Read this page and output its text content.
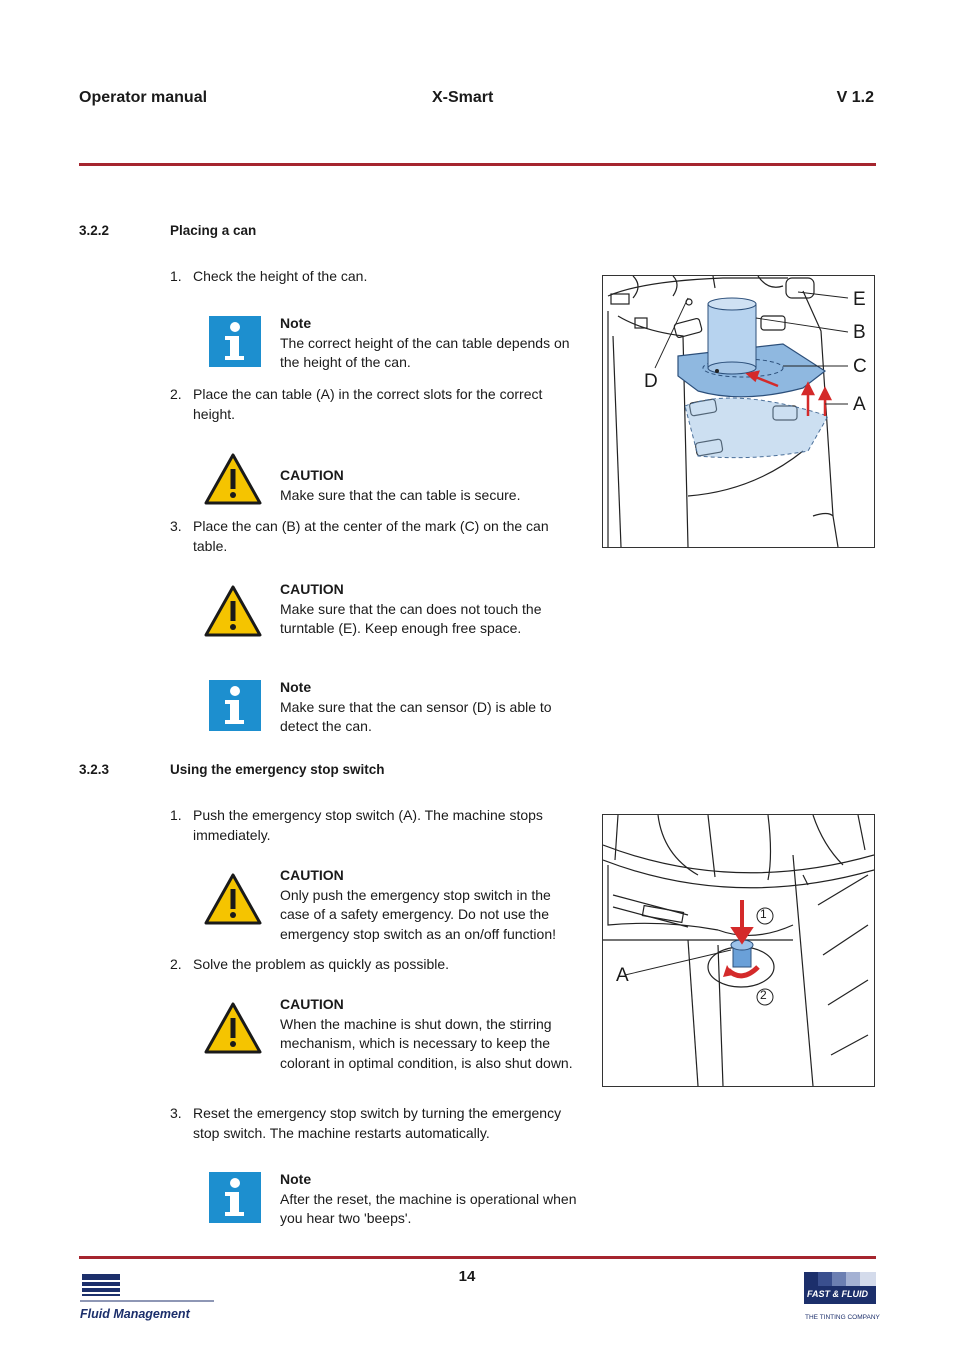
Operator manual	X-Smart	V 1.2
3.2.2	Placing a can
1. Check the height of the can.
Note
The correct height of the can table depends on the height of the can.
2. Place the can table (A) in the correct slots for the correct height.
CAUTION
Make sure that the can table is secure.
3. Place the can (B) at the center of the mark (C) on the can table.
CAUTION
Make sure that the can does not touch the turntable (E). Keep enough free space.
Note
Make sure that the can sensor (D) is able to detect the can.
E
B
C
D
A
3.2.3	Using the emergency stop switch
1. Push the emergency stop switch (A). The machine stops immediately.
CAUTION
Only push the emergency stop switch in the case of a safety emergency. Do not use the emergency stop switch as an on/off function!
2. Solve the problem as quickly as possible.
CAUTION
When the machine is shut down, the stirring mechanism, which is necessary to keep the colorant in optimal condition, is also shut down.
3. Reset the emergency stop switch by turning the emergency stop switch. The machine restarts automatically.
Note
After the reset, the machine is operational when you hear two 'beeps'.
A
1
2
14
Fluid Management
FAST & FLUID
THE TINTING COMPANY
